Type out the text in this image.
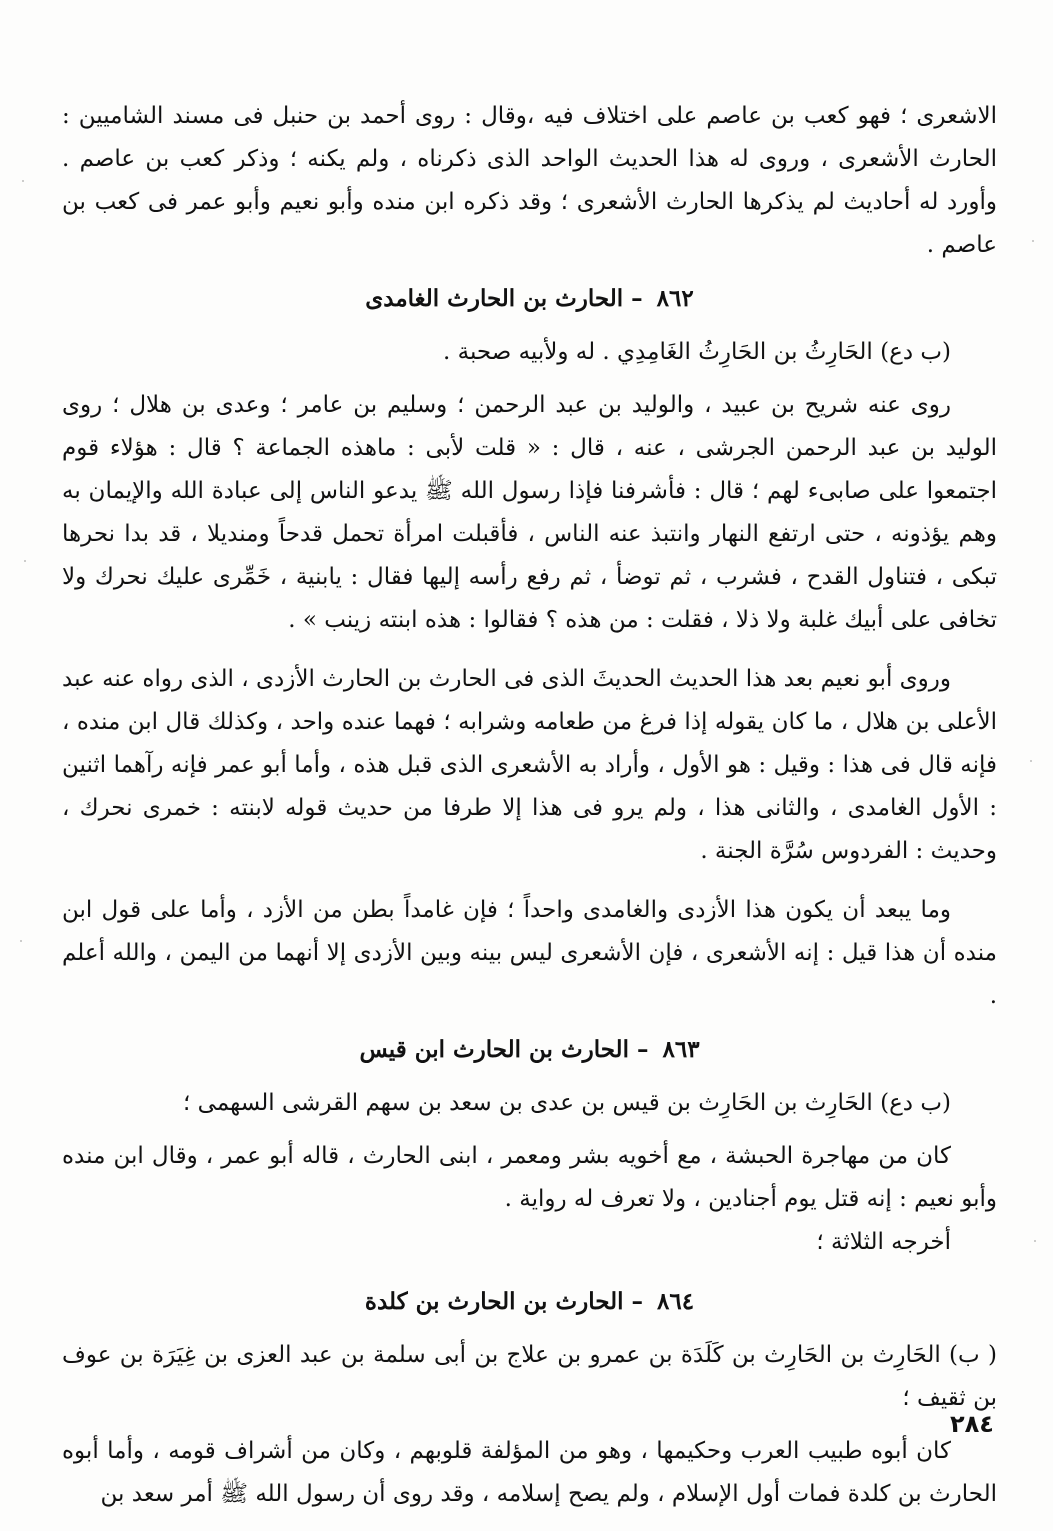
الاشعرى ؛ فهو كعب بن عاصم على اختلاف فيه ،وقال : روى أحمد بن حنبل فى مسند الشاميين : الحارث الأشعرى ، وروى له هذا الحديث الواحد الذى ذكرناه ، ولم يكنه ؛ وذكر كعب بن عاصم . وأورد له أحاديث لم يذكرها الحارث الأشعرى ؛ وقد ذكره ابن منده وأبو نعيم وأبو عمر فى كعب بن عاصم .

٨٦٢– الحارث بن الحارث الغامدى

(ب دع) الحَارِثُ بن الحَارِثُ الغَامِدِي . له ولأبيه صحبة .

روى عنه شريح بن عبيد ، والوليد بن عبد الرحمن ؛ وسليم بن عامر ؛ وعدى بن هلال ؛ روى الوليد بن عبد الرحمن الجرشى ، عنه ، قال : « قلت لأبى : ماهذه الجماعة ؟ قال : هؤلاء قوم اجتمعوا على صابىء لهم ؛ قال : فأشرفنا فإذا رسول الله ﷺ يدعو الناس إلى عبادة الله والإيمان به وهم يؤذونه ، حتى ارتفع النهار وانتبذ عنه الناس ، فأقبلت امرأة تحمل قدحاً ومنديلا ، قد بدا نحرها تبكى ، فتناول القدح ، فشرب ، ثم توضأ ، ثم رفع رأسه إليها فقال : يابنية ، خَمِّرى عليك نحرك ولا تخافى على أبيك غلبة ولا ذلا ، فقلت : من هذه ؟ فقالوا : هذه ابنته زينب » .

وروى أبو نعيم بعد هذا الحديث الحديثَ الذى فى الحارث بن الحارث الأزدى ، الذى رواه عنه عبد الأعلى بن هلال ، ما كان يقوله إذا فرغ من طعامه وشرابه ؛ فهما عنده واحد ، وكذلك قال ابن منده ، فإنه قال فى هذا : وقيل : هو الأول ، وأراد به الأشعرى الذى قبل هذه ، وأما أبو عمر فإنه رآهما اثنين : الأول الغامدى ، والثانى هذا ، ولم يرو فى هذا إلا طرفا من حديث قوله لابنته : خمرى نحرك ، وحديث : الفردوس سُرَّة الجنة .

وما يبعد أن يكون هذا الأزدى والغامدى واحداً ؛ فإن غامداً بطن من الأزد ، وأما على قول ابن منده أن هذا قيل : إنه الأشعرى ، فإن الأشعرى ليس بينه وبين الأزدى إلا أنهما من اليمن ، والله أعلم .

٨٦٣– الحارث بن الحارث ابن قيس

(ب دع) الحَارِث بن الحَارِث بن قيس بن عدى بن سعد بن سهم القرشى السهمى ؛

كان من مهاجرة الحبشة ، مع أخويه بشر ومعمر ، ابنى الحارث ، قاله أبو عمر ، وقال ابن منده وأبو نعيم : إنه قتل يوم أجنادين ، ولا تعرف له رواية .

أخرجه الثلاثة ؛

٨٦٤– الحارث بن الحارث بن كلدة

( ب) الحَارِث بن الحَارِث بن كَلَدَة بن عمرو بن علاج بن أبى سلمة بن عبد العزى بن غِيَرَة بن عوف بن ثقيف ؛

كان أبوه طبيب العرب وحكيمها ، وهو من المؤلفة قلوبهم ، وكان من أشراف قومه ، وأما أبوه الحارث بن كلدة فمات أول الإسلام ، ولم يصح إسلامه ، وقد روى أن رسول الله ﷺ أمر سعد بن

٢٨٤
